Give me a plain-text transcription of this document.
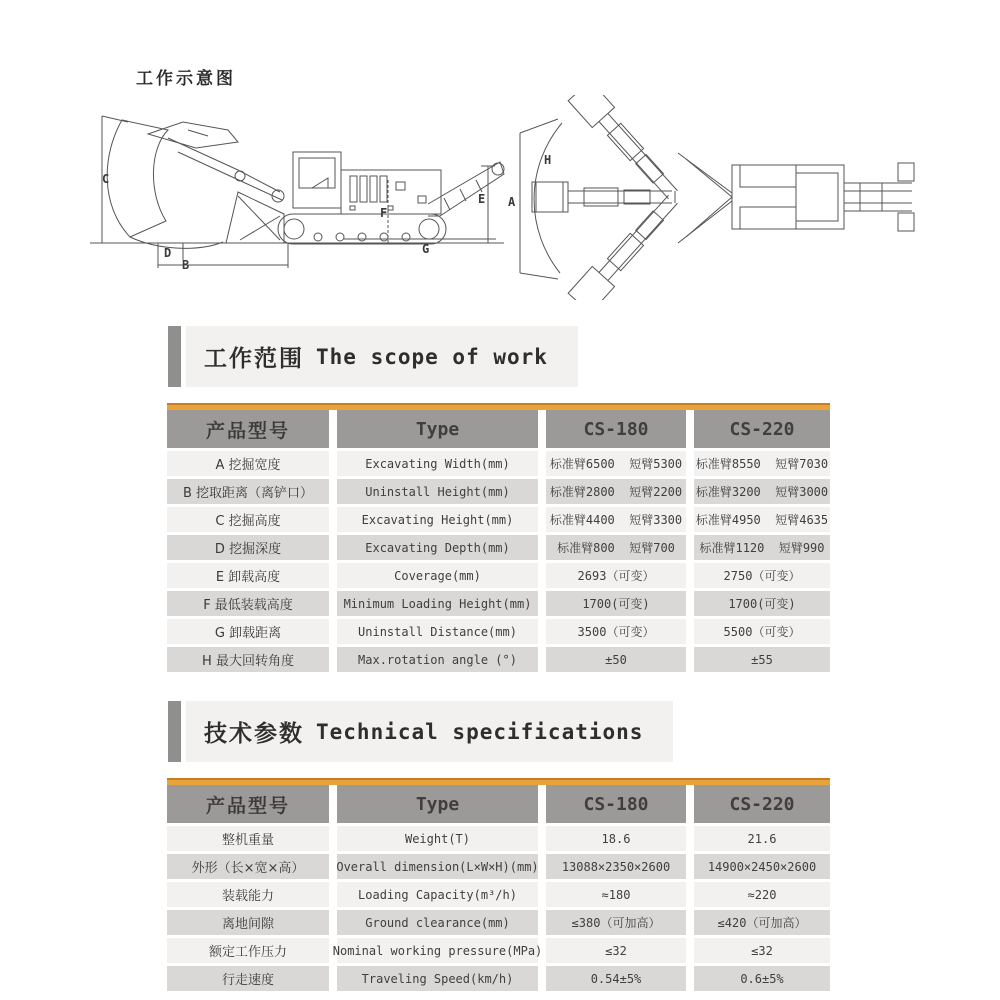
工作示意图
C
D
B
F
E
G
H
A
工作范围 The scope of work
产品型号	Type	CS-180	CS-220
A 挖掘宽度	Excavating Width(mm)	标准臂6500  短臂5300	标准臂8550  短臂7030
B 挖取距离（离铲口）	Uninstall Height(mm)	标准臂2800  短臂2200	标准臂3200  短臂3000
C 挖掘高度	Excavating Height(mm)	标准臂4400  短臂3300	标准臂4950  短臂4635
D 挖掘深度	Excavating Depth(mm)	标准臂800  短臂700	标准臂1120  短臂990
E 卸载高度	Coverage(mm)	2693（可变）	2750（可变）
F 最低装载高度	Minimum Loading Height(mm)	1700(可变)	1700(可变)
G 卸载距离	Uninstall Distance(mm)	3500（可变）	5500（可变）
H 最大回转角度	Max.rotation angle (°)	±50	±55
技术参数 Technical specifications
产品型号	Type	CS-180	CS-220
整机重量	Weight(T)	18.6	21.6
外形（长×宽×高）	Overall dimension(L×W×H)(mm)	13088×2350×2600	14900×2450×2600
装载能力	Loading Capacity(m³/h)	≈180	≈220
离地间隙	Ground clearance(mm)	≤380（可加高）	≤420（可加高）
额定工作压力	Nominal working pressure(MPa)	≤32	≤32
行走速度	Traveling Speed(km/h)	0.54±5%	0.6±5%
